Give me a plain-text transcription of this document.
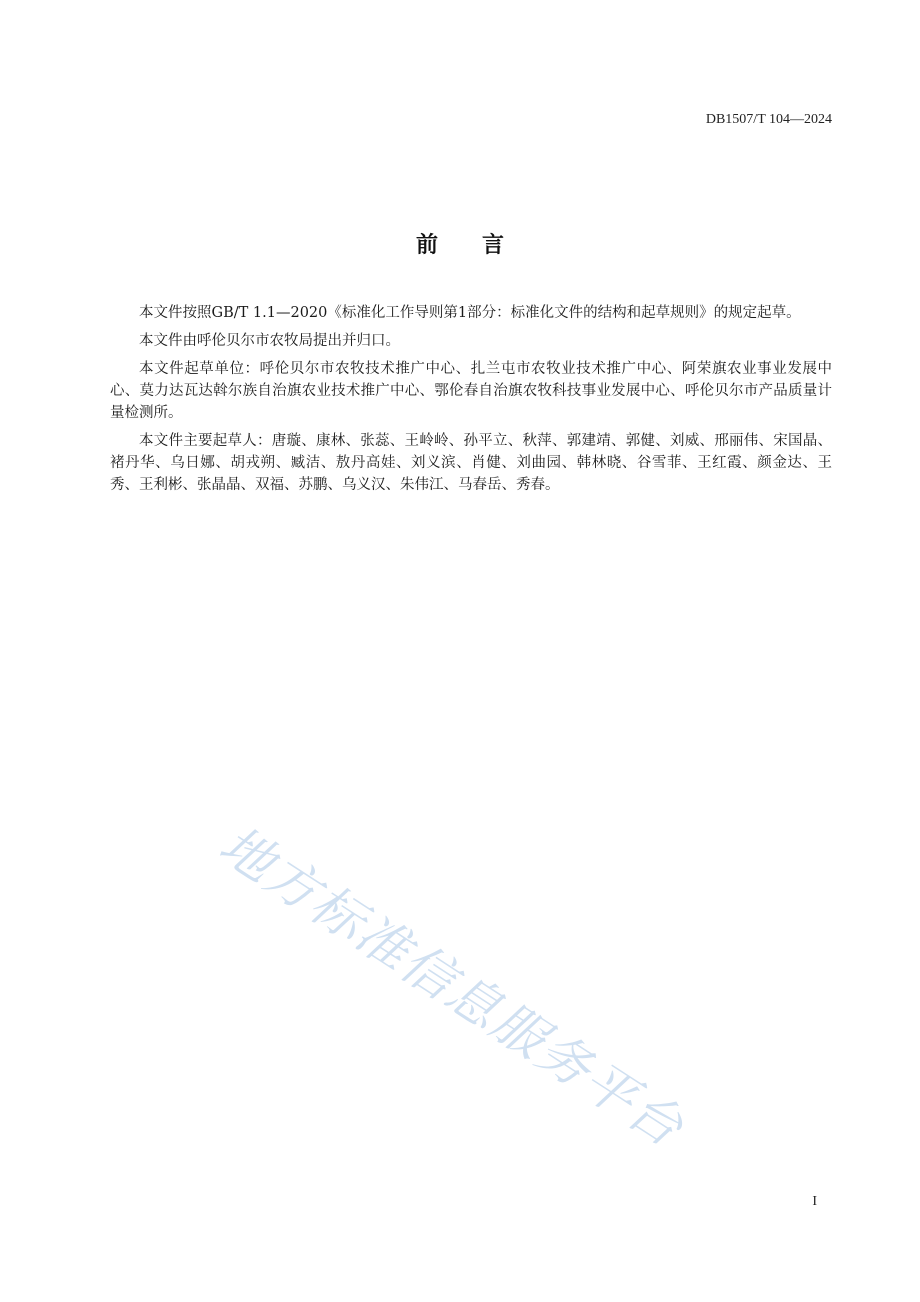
DB1507/T 104—2024
前言

本文件按照GB/T 1.1—2020《标准化工作导则第1部分：标准化文件的结构和起草规则》的规定起草。

本文件由呼伦贝尔市农牧局提出并归口。

本文件起草单位：呼伦贝尔市农牧技术推广中心、扎兰屯市农牧业技术推广中心、阿荣旗农业事业发展中心、莫力达瓦达斡尔族自治旗农业技术推广中心、鄂伦春自治旗农牧科技事业发展中心、呼伦贝尔市产品质量计量检测所。

本文件主要起草人：唐璇、康林、张蕊、王岭岭、孙平立、秋萍、郭建靖、郭健、刘威、邢丽伟、宋国晶、褚丹华、乌日娜、胡戎朔、臧洁、敖丹高娃、刘义滨、肖健、刘曲园、韩林晓、谷雪菲、王红霞、颜金达、王秀、王利彬、张晶晶、双福、苏鹏、乌义汉、朱伟江、马春岳、秀春。

地方标准信息服务平台
I
